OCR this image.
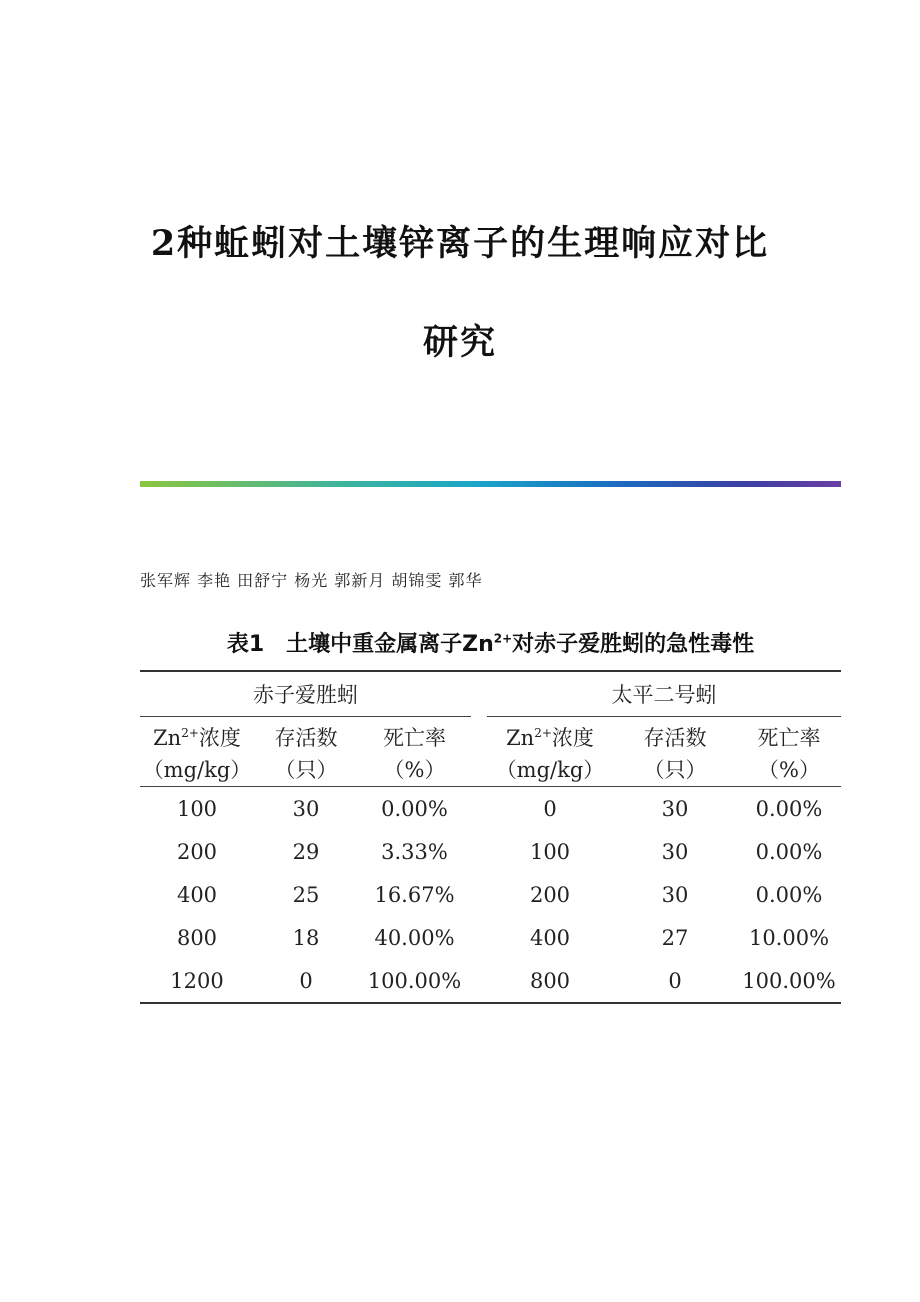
2种蚯蚓对土壤锌离子的生理响应对比
研究

张军辉 李艳 田舒宁 杨光 郭新月 胡锦雯 郭华

表1　土壤中重金属离子$Zn^{2+}$对赤子爱胜蚓的急性毒性

赤子爱胜蚓				太平二号蚓		
$Zn^{2+}$浓度	存活数	死亡率		$Zn^{2+}$浓度	存活数	死亡率
（mg/kg）	（只）	（%）		（mg/kg）	（只）	（%）
100	30	0.00%		0	30	0.00%
200	29	3.33%		100	30	0.00%
400	25	16.67%		200	30	0.00%
800	18	40.00%		400	27	10.00%
1200	0	100.00%		800	0	100.00%
